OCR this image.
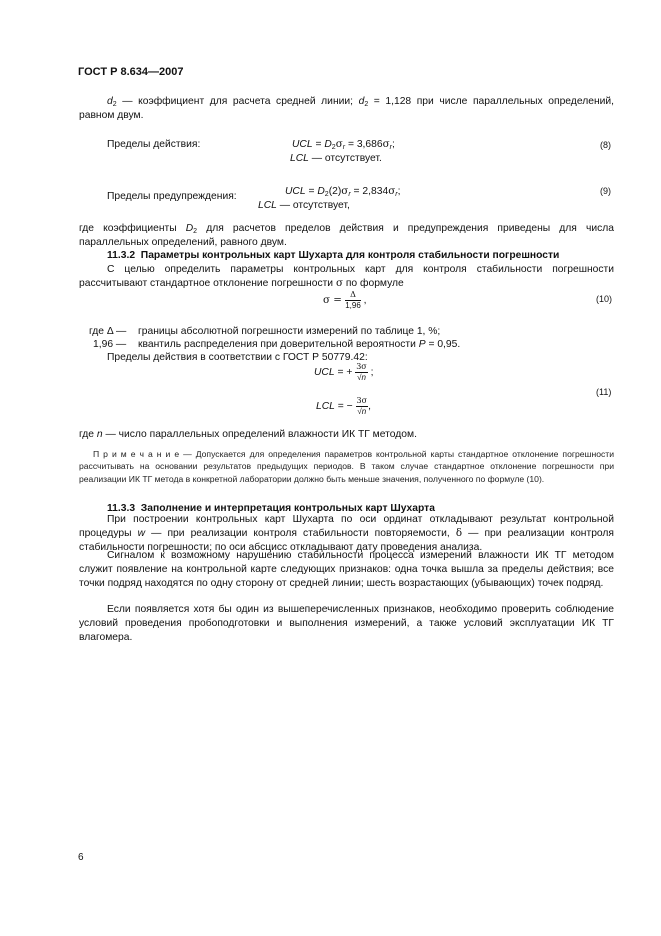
ГОСТ Р 8.634—2007
$d_2$ — коэффициент для расчета средней линии; $d_2 = 1,128$ при числе параллельных определений, равном двум.
Пределы действия:	UCL = $D_2\sigma_r = 3,686\sigma_r$;
LCL — отсутствует.
(8)
Пределы предупреждения:	UCL = $D_2(2)\sigma_r = 2,834\sigma_r$;
LCL — отсутствует,
(9)
где коэффициенты $D_2$ для расчетов пределов действия и предупреждения приведены для числа параллельных определений, равного двум.
11.3.2 Параметры контрольных карт Шухарта для контроля стабильности погрешности
С целью определить параметры контрольных карт для контроля стабильности погрешности рассчитывают стандартное отклонение погрешности σ по формуле
$\sigma = \frac{\Delta}{1,96}$ ,	(10)
где Δ — границы абсолютной погрешности измерений по таблице 1, %;
1,96 — квантиль распределения при доверительной вероятности P = 0,95.
Пределы действия в соответствии с ГОСТ Р 50779.42:
UCL = + $\frac{3\sigma}{√n}$ ;
LCL = − $\frac{3\sigma}{√n}$ ,
(11)
где n — число параллельных определений влажности ИК ТГ методом.
П р и м е ч а н и е — Допускается для определения параметров контрольной карты стандартное отклонение погрешности рассчитывать на основании результатов предыдущих периодов. В таком случае стандартное отклонение погрешности при реализации ИК ТГ метода в конкретной лаборатории должно быть меньше значения, полученного по формуле (10).
11.3.3 Заполнение и интерпретация контрольных карт Шухарта
При построении контрольных карт Шухарта по оси ординат откладывают результат контрольной процедуры w — при реализации контроля стабильности повторяемости, δ — при реализации контроля стабильности погрешности; по оси абсцисс откладывают дату проведения анализа.
Сигналом к возможному нарушению стабильности процесса измерений влажности ИК ТГ методом служит появление на контрольной карте следующих признаков: одна точка вышла за пределы действия; все точки подряд находятся по одну сторону от средней линии; шесть возрастающих (убывающих) точек подряд.
Если появляется хотя бы один из вышеперечисленных признаков, необходимо проверить соблюдение условий проведения пробоподготовки и выполнения измерений, а также условий эксплуатации ИК ТГ влагомера.
6
